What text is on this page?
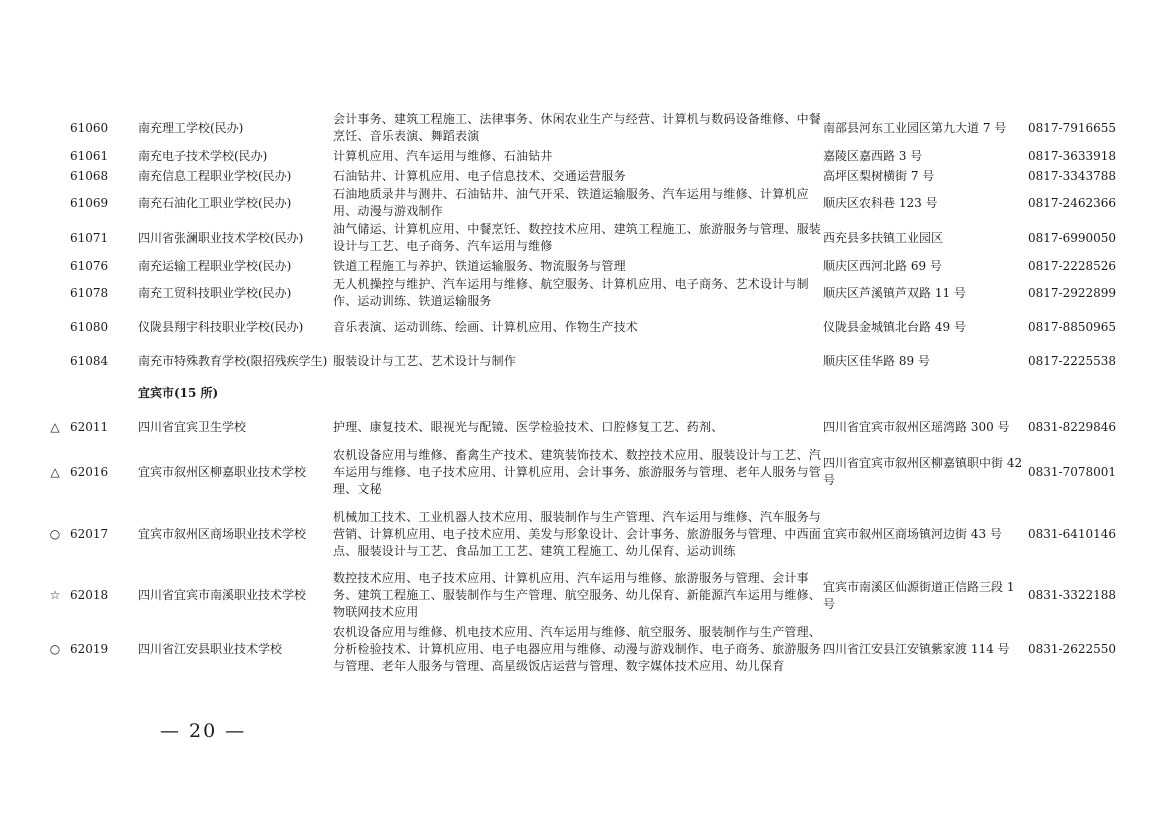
	61060	南充理工学校(民办)	会计事务、建筑工程施工、法律事务、休闲农业生产与经营、计算机与数码设备维修、中餐烹饪、音乐表演、舞蹈表演	南部县河东工业园区第九大道 7 号	0817-7916655
	61061	南充电子技术学校(民办)	计算机应用、汽车运用与维修、石油钻井	嘉陵区嘉西路 3 号	0817-3633918
	61068	南充信息工程职业学校(民办)	石油钻井、计算机应用、电子信息技术、交通运营服务	高坪区梨树横街 7 号	0817-3343788
	61069	南充石油化工职业学校(民办)	石油地质录井与测井、石油钻井、油气开采、铁道运输服务、汽车运用与维修、计算机应用、动漫与游戏制作	顺庆区农科巷 123 号	0817-2462366
	61071	四川省张澜职业技术学校(民办)	油气储运、计算机应用、中餐烹饪、数控技术应用、建筑工程施工、旅游服务与管理、服装设计与工艺、电子商务、汽车运用与维修	西充县多扶镇工业园区	0817-6990050
	61076	南充运输工程职业学校(民办)	铁道工程施工与养护、铁道运输服务、物流服务与管理	顺庆区西河北路 69 号	0817-2228526
	61078	南充工贸科技职业学校(民办)	无人机操控与维护、汽车运用与维修、航空服务、计算机应用、电子商务、艺术设计与制作、运动训练、铁道运输服务	顺庆区芦溪镇芦双路 11 号	0817-2922899
	61080	仪陇县翔宇科技职业学校(民办)	音乐表演、运动训练、绘画、计算机应用、作物生产技术	仪陇县金城镇北台路 49 号	0817-8850965
	61084	南充市特殊教育学校(限招残疾学生)	服装设计与工艺、艺术设计与制作	顺庆区佳华路 89 号	0817-2225538
		宜宾市(15 所)			
△	62011	四川省宜宾卫生学校	护理、康复技术、眼视光与配镜、医学检验技术、口腔修复工艺、药剂、	四川省宜宾市叙州区瑶湾路 300 号	0831-8229846
△	62016	宜宾市叙州区柳嘉职业技术学校	农机设备应用与维修、畜禽生产技术、建筑装饰技术、数控技术应用、服装设计与工艺、汽车运用与维修、电子技术应用、计算机应用、会计事务、旅游服务与管理、老年人服务与管理、文秘	四川省宜宾市叙州区柳嘉镇职中街 42 号	0831-7078001
○	62017	宜宾市叙州区商场职业技术学校	机械加工技术、工业机器人技术应用、服装制作与生产管理、汽车运用与维修、汽车服务与营销、计算机应用、电子技术应用、美发与形象设计、会计事务、旅游服务与管理、中西面点、服装设计与工艺、食品加工工艺、建筑工程施工、幼儿保育、运动训练	宜宾市叙州区商场镇河边街 43 号	0831-6410146
☆	62018	四川省宜宾市南溪职业技术学校	数控技术应用、电子技术应用、计算机应用、汽车运用与维修、旅游服务与管理、会计事务、建筑工程施工、服装制作与生产管理、航空服务、幼儿保育、新能源汽车运用与维修、物联网技术应用	宜宾市南溪区仙源街道正信路三段 1 号	0831-3322188
○	62019	四川省江安县职业技术学校	农机设备应用与维修、机电技术应用、汽车运用与维修、航空服务、服装制作与生产管理、分析检验技术、计算机应用、电子电器应用与维修、动漫与游戏制作、电子商务、旅游服务与管理、老年人服务与管理、高星级饭店运营与管理、数字媒体技术应用、幼儿保育	四川省江安县江安镇紫家渡 114 号	0831-2622550
— 20 —
